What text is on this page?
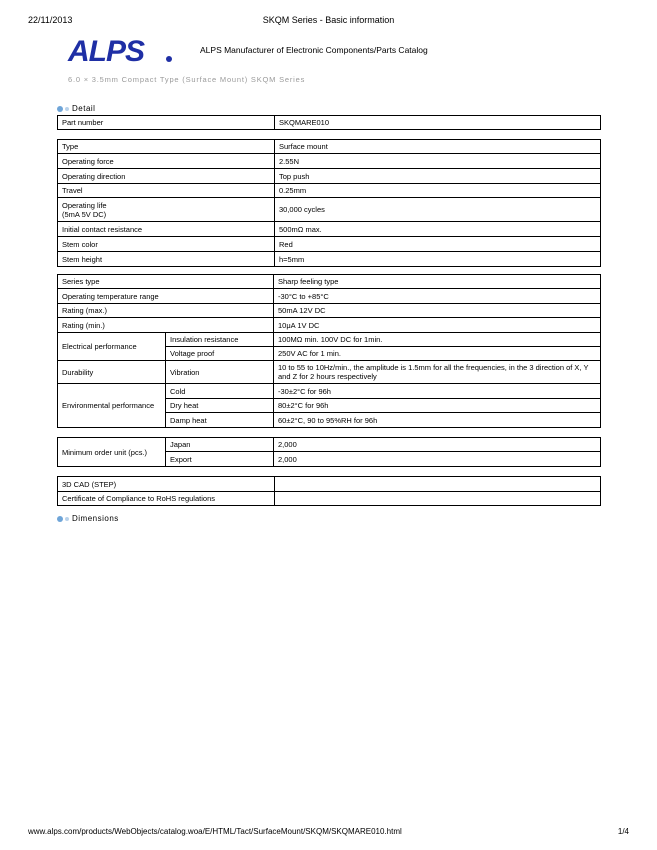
22/11/2013	SKQM Series - Basic information
ALPS	ALPS Manufacturer of Electronic Components/Parts Catalog
6.0 × 3.5mm Compact Type (Surface Mount) SKQM Series
Detail
Part number	SKQMARE010
Type	Surface mount
Operating force	2.55N
Operating direction	Top push
Travel	0.25mm
Operating life
(5mA 5V DC)	30,000 cycles
Initial contact resistance	500mΩ max.
Stem color	Red
Stem height	h=5mm
Series type		Sharp feeling type
Operating temperature range		-30°C to +85°C
Rating (max.)		50mA 12V DC
Rating (min.)		10μA 1V DC
Electrical performance	Insulation resistance	100MΩ min. 100V DC for 1min.
	Voltage proof	250V AC for 1 min.
Durability	Vibration	10 to 55 to 10Hz/min., the amplitude is 1.5mm for all the frequencies, in the 3 direction of X, Y and Z for 2 hours respectively
Environmental performance	Cold	-30±2°C for 96h
	Dry heat	80±2°C for 96h
	Damp heat	60±2°C, 90 to 95%RH for 96h
Minimum order unit (pcs.)	Japan	2,000
	Export	2,000
3D CAD (STEP)	
Certificate of Compliance to RoHS regulations	
Dimensions
www.alps.com/products/WebObjects/catalog.woa/E/HTML/Tact/SurfaceMount/SKQM/SKQMARE010.html	1/4
